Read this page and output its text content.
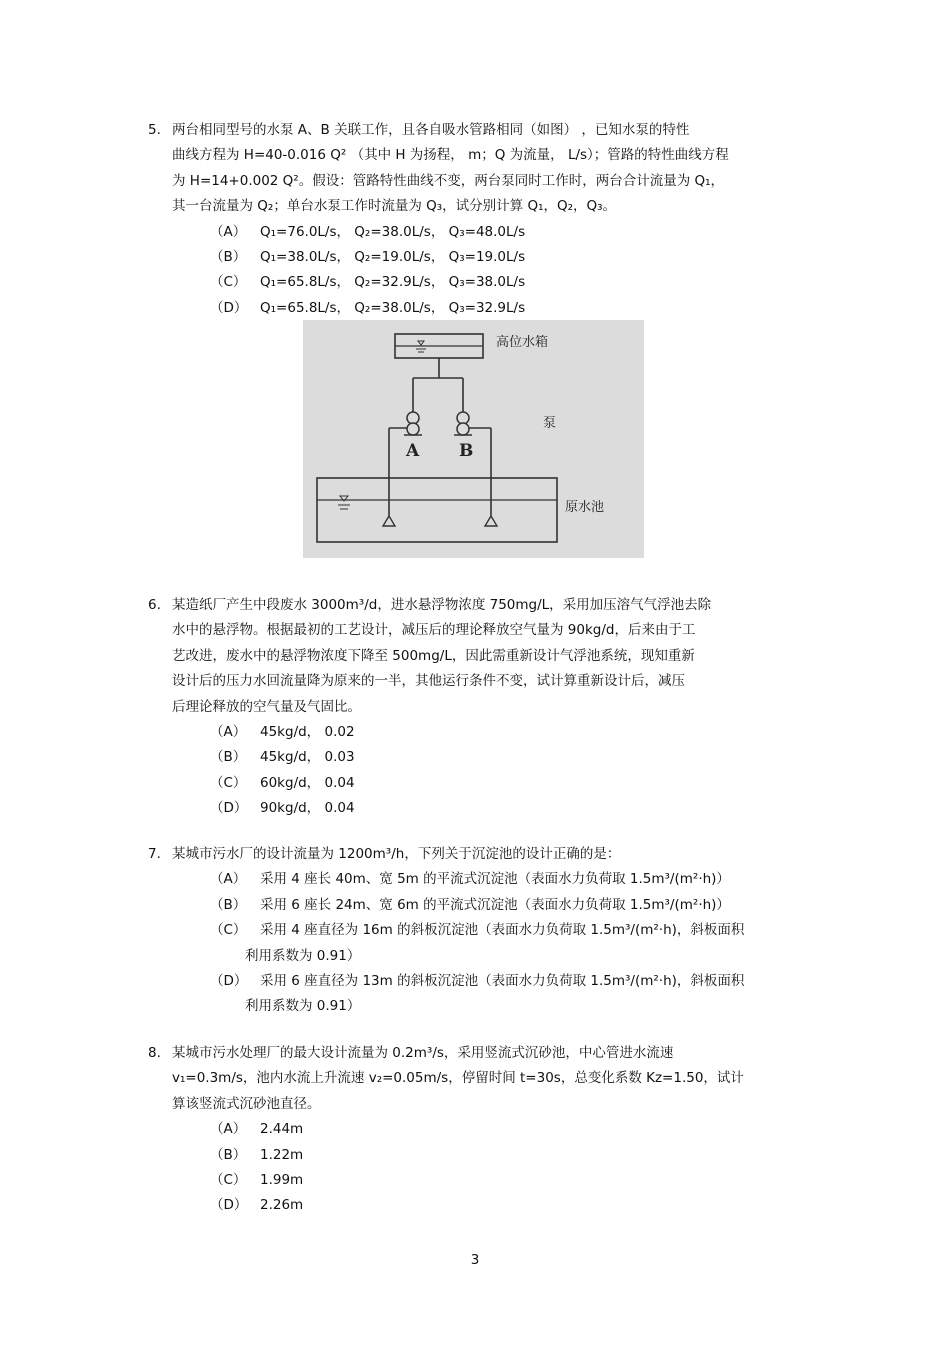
5. 两台相同型号的水泵 A、B 关联工作，且各自吸水管路相同（如图） ，已知水泵的特性
曲线方程为 H=40-0.016 Q² （其中 H 为扬程， m；Q 为流量， L/s）；管路的特性曲线方程
为 H=14+0.002 Q²。假设：管路特性曲线不变，两台泵同时工作时，两台合计流量为 Q₁，
其一台流量为 Q₂；单台水泵工作时流量为 Q₃，试分别计算 Q₁，Q₂，Q₃。
（A） Q₁=76.0L/s， Q₂=38.0L/s， Q₃=48.0L/s
（B） Q₁=38.0L/s， Q₂=19.0L/s， Q₃=19.0L/s
（C） Q₁=65.8L/s， Q₂=32.9L/s， Q₃=38.0L/s
（D） Q₁=65.8L/s， Q₂=38.0L/s， Q₃=32.9L/s
高位水箱
A B
泵
原水池
6. 某造纸厂产生中段废水 3000m³/d，进水悬浮物浓度 750mg/L，采用加压溶气气浮池去除
水中的悬浮物。根据最初的工艺设计，减压后的理论释放空气量为 90kg/d，后来由于工
艺改进，废水中的悬浮物浓度下降至 500mg/L，因此需重新设计气浮池系统，现知重新
设计后的压力水回流量降为原来的一半，其他运行条件不变，试计算重新设计后，减压
后理论释放的空气量及气固比。
（A） 45kg/d， 0.02
（B） 45kg/d， 0.03
（C） 60kg/d， 0.04
（D） 90kg/d， 0.04
7. 某城市污水厂的设计流量为 1200m³/h，下列关于沉淀池的设计正确的是：
（A） 采用 4 座长 40m、宽 5m 的平流式沉淀池（表面水力负荷取 1.5m³/(m²·h)）
（B） 采用 6 座长 24m、宽 6m 的平流式沉淀池（表面水力负荷取 1.5m³/(m²·h)）
（C） 采用 4 座直径为 16m 的斜板沉淀池（表面水力负荷取 1.5m³/(m²·h)，斜板面积
利用系数为 0.91）
（D） 采用 6 座直径为 13m 的斜板沉淀池（表面水力负荷取 1.5m³/(m²·h)，斜板面积
利用系数为 0.91）
8. 某城市污水处理厂的最大设计流量为 0.2m³/s，采用竖流式沉砂池，中心管进水流速
v₁=0.3m/s，池内水流上升流速 v₂=0.05m/s，停留时间 t=30s，总变化系数 Kz=1.50，试计
算该竖流式沉砂池直径。
（A） 2.44m
（B） 1.22m
（C） 1.99m
（D） 2.26m
3
